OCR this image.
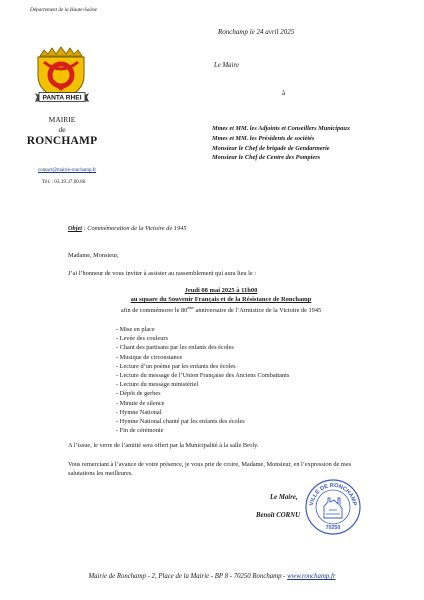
Département de la Haute-Saône
PANTA RHEI
MAIRIE
de
RONCHAMP
contact@mairie-ronchamp.fr
Tél. : 03.39.37.00.80
Ronchamp le 24 avril 2025
Le Maire
à
Mmes et MM. les Adjoints et Conseillers Municipaux
Mmes et MM. les Présidents de sociétés
Monsieur le Chef de brigade de Gendarmerie
Monsieur le Chef de Centre des Pompiers
Objet : Commémoration de la Victoire de 1945
Madame, Monsieur,
J’ai l’honneur de vous inviter à assister au rassemblement qui aura lieu le :
Jeudi 08 mai 2025 à 11h00
au square du Souvenir Français et de la Résistance de Ronchamp
afin de commémorer le 80ème anniversaire de l’Armistice de la Victoire de 1945
- Mise en place
- Levée des couleurs
- Chant des partisans par les enfants des écoles
- Musique de circonstance
- Lecture d’un poème par les enfants des écoles
- Lecture du message de l’Union Française des Anciens Combattants
- Lecture du message ministériel
- Dépôt de gerbes
- Minute de silence
- Hymne National
- Hymne National chanté par les enfants des écoles
- Fin de cérémonie
A l’issue, le verre de l’amitié sera offert par la Municipalité à la salle Broly.
Vous remerciant à l’avance de votre présence, je vous prie de croire, Madame, Monsieur, en l’expression de mes salutations les meilleures.
VILLE DE RONCHAMP
70250
Le Maire,
Benoît CORNU
Mairie de Ronchamp - 2, Place de la Mairie - BP 8 - 70250 Ronchamp - www.ronchamp.fr
